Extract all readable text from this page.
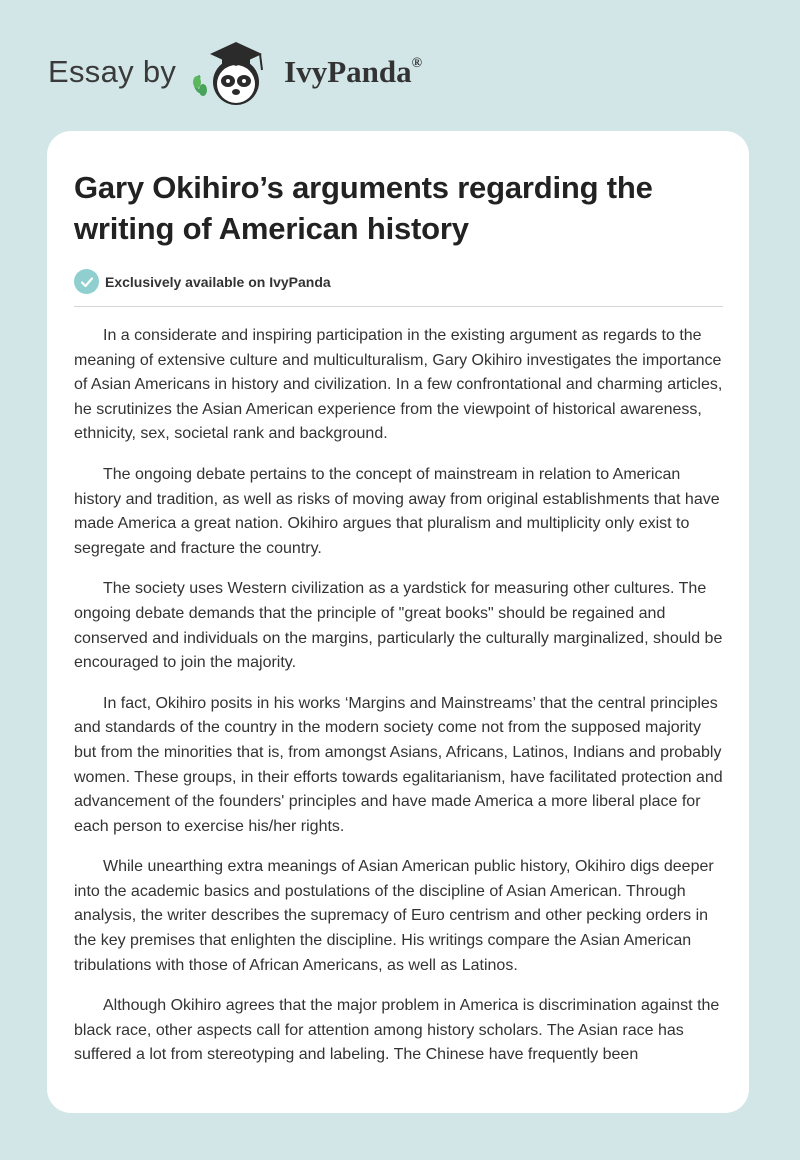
Essay by	IvyPanda®
Gary Okihiro’s arguments regarding the writing of American history
Exclusively available on IvyPanda

In a considerate and inspiring participation in the existing argument as regards to the meaning of extensive culture and multiculturalism, Gary Okihiro investigates the importance of Asian Americans in history and civilization. In a few confrontational and charming articles, he scrutinizes the Asian American experience from the viewpoint of historical awareness, ethnicity, sex, societal rank and background.

The ongoing debate pertains to the concept of mainstream in relation to American history and tradition, as well as risks of moving away from original establishments that have made America a great nation. Okihiro argues that pluralism and multiplicity only exist to segregate and fracture the country.

The society uses Western civilization as a yardstick for measuring other cultures. The ongoing debate demands that the principle of "great books" should be regained and conserved and individuals on the margins, particularly the culturally marginalized, should be encouraged to join the majority.

In fact, Okihiro posits in his works ‘Margins and Mainstreams’ that the central principles and standards of the country in the modern society come not from the supposed majority but from the minorities that is, from amongst Asians, Africans, Latinos, Indians and probably women. These groups, in their efforts towards egalitarianism, have facilitated protection and advancement of the founders' principles and have made America a more liberal place for each person to exercise his/her rights.

While unearthing extra meanings of Asian American public history, Okihiro digs deeper into the academic basics and postulations of the discipline of Asian American. Through analysis, the writer describes the supremacy of Euro centrism and other pecking orders in the key premises that enlighten the discipline. His writings compare the Asian American tribulations with those of African Americans, as well as Latinos.

Although Okihiro agrees that the major problem in America is discrimination against the black race, other aspects call for attention among history scholars. The Asian race has suffered a lot from stereotyping and labeling. The Chinese have frequently been
